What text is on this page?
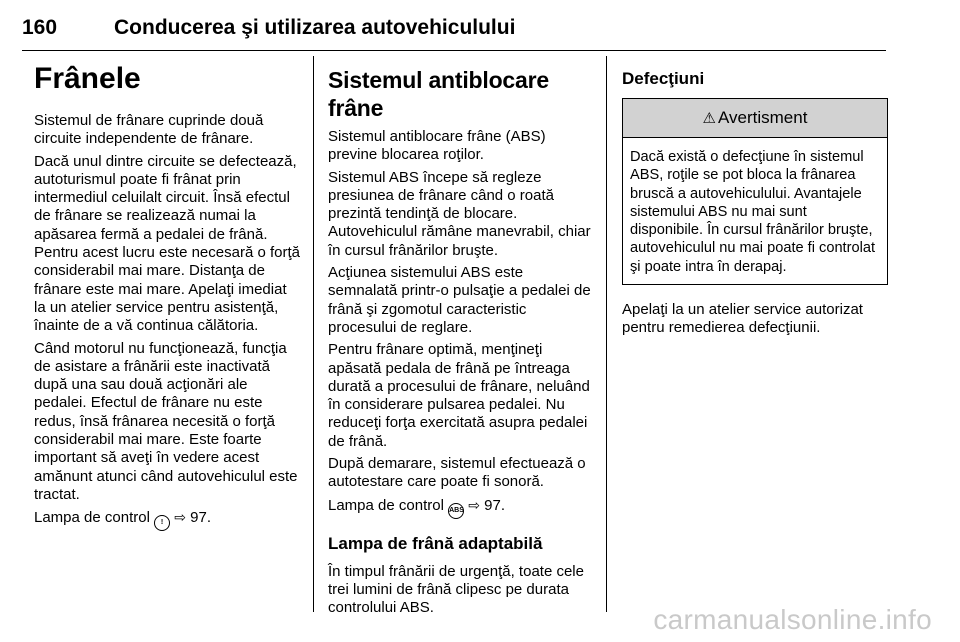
160	Conducerea şi utilizarea autovehiculului
Frânele

Sistemul de frânare cuprinde două circuite independente de frânare.

Dacă unul dintre circuite se defectează, autoturismul poate fi frânat prin intermediul celuilalt circuit. Însă efectul de frânare se realizează numai la apăsarea fermă a pedalei de frână. Pentru acest lucru este necesară o forţă considerabil mai mare. Distanţa de frânare este mai mare. Apelaţi imediat la un atelier service pentru asistenţă, înainte de a vă continua călătoria.

Când motorul nu funcţionează, funcţia de asistare a frânării este inactivată după una sau două acţionări ale pedalei. Efectul de frânare nu este redus, însă frânarea necesită o forţă considerabil mai mare. Este foarte important să aveţi în vedere acest amănunt atunci când autovehiculul este tractat.

Lampa de control ! ⇨ 97.

Sistemul antiblocare frâne

Sistemul antiblocare frâne (ABS) previne blocarea roţilor.

Sistemul ABS începe să regleze presiunea de frânare când o roată prezintă tendinţă de blocare. Autovehiculul rămâne manevrabil, chiar în cursul frânărilor bruşte.

Acţiunea sistemului ABS este semnalată printr-o pulsaţie a pedalei de frână şi zgomotul caracteristic procesului de reglare.

Pentru frânare optimă, menţineţi apăsată pedala de frână pe întreaga durată a procesului de frânare, neluând în considerare pulsarea pedalei. Nu reduceţi forţa exercitată asupra pedalei de frână.

După demarare, sistemul efectuează o autotestare care poate fi sonoră.

Lampa de control ABS ⇨ 97.

Lampa de frână adaptabilă

În timpul frânării de urgenţă, toate cele trei lumini de frână clipesc pe durata controlului ABS.

Defecţiuni
⚠ Avertisment

Dacă există o defecţiune în sistemul ABS, roţile se pot bloca la frânarea bruscă a autovehiculului. Avantajele sistemului ABS nu mai sunt disponibile. În cursul frânărilor bruşte, autovehiculul nu mai poate fi controlat şi poate intra în derapaj.

Apelaţi la un atelier service autorizat pentru remedierea defecţiunii.

carmanualsonline.info
